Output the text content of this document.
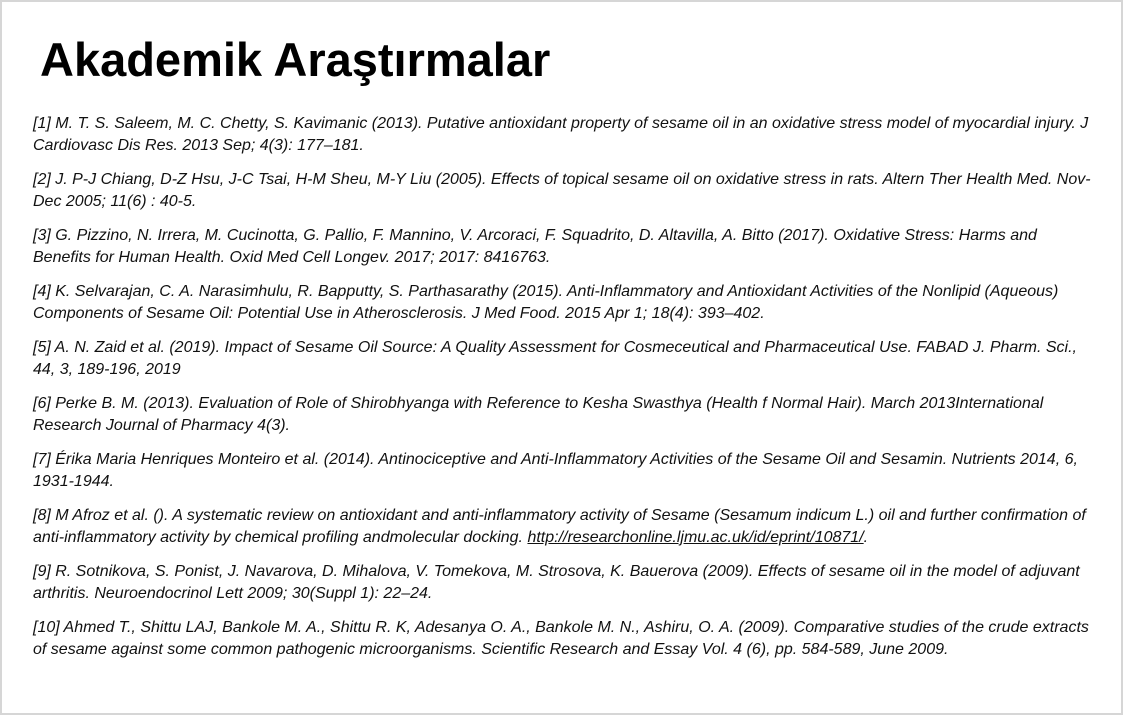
Akademik Araştırmalar
[1] M. T. S. Saleem, M. C. Chetty, S. Kavimanic (2013). Putative antioxidant property of sesame oil in an oxidative stress model of myocardial injury. J Cardiovasc Dis Res. 2013 Sep; 4(3): 177–181.
[2] J. P-J Chiang, D-Z Hsu, J-C Tsai, H-M Sheu, M-Y Liu (2005). Effects of topical sesame oil on oxidative stress in rats. Altern Ther Health Med. Nov-Dec 2005; 11(6) : 40-5.
[3] G. Pizzino, N. Irrera, M. Cucinotta, G. Pallio, F. Mannino, V. Arcoraci, F. Squadrito, D. Altavilla, A. Bitto (2017). Oxidative Stress: Harms and Benefits for Human Health. Oxid Med Cell Longev. 2017; 2017: 8416763.
[4] K. Selvarajan, C. A. Narasimhulu, R. Bapputty, S. Parthasarathy (2015). Anti-Inflammatory and Antioxidant Activities of the Nonlipid (Aqueous) Components of Sesame Oil: Potential Use in Atherosclerosis. J Med Food. 2015 Apr 1; 18(4): 393–402.
[5] A. N. Zaid et al. (2019). Impact of Sesame Oil Source: A Quality Assessment for Cosmeceutical and Pharmaceutical Use. FABAD J. Pharm. Sci., 44, 3, 189-196, 2019
[6] Perke B. M. (2013). Evaluation of Role of Shirobhyanga with Reference to Kesha Swasthya (Health f Normal Hair). March 2013International Research Journal of Pharmacy 4(3).
[7] Érika Maria Henriques Monteiro et al. (2014). Antinociceptive and Anti-Inflammatory Activities of the Sesame Oil and Sesamin. Nutrients 2014, 6, 1931-1944.
[8] M Afroz et al. (). A systematic review on antioxidant and anti-inflammatory activity of Sesame (Sesamum indicum L.) oil and further confirmation of anti-inflammatory activity by chemical profiling andmolecular docking. http://researchonline.ljmu.ac.uk/id/eprint/10871/.
[9] R. Sotnikova, S. Ponist, J. Navarova, D. Mihalova, V. Tomekova, M. Strosova, K. Bauerova (2009). Effects of sesame oil in the model of adjuvant arthritis. Neuroendocrinol Lett 2009; 30(Suppl 1): 22–24.
[10] Ahmed T., Shittu LAJ, Bankole M. A., Shittu R. K, Adesanya O. A., Bankole M. N., Ashiru, O. A. (2009). Comparative studies of the crude extracts of sesame against some common pathogenic microorganisms. Scientific Research and Essay Vol. 4 (6), pp. 584-589, June 2009.
